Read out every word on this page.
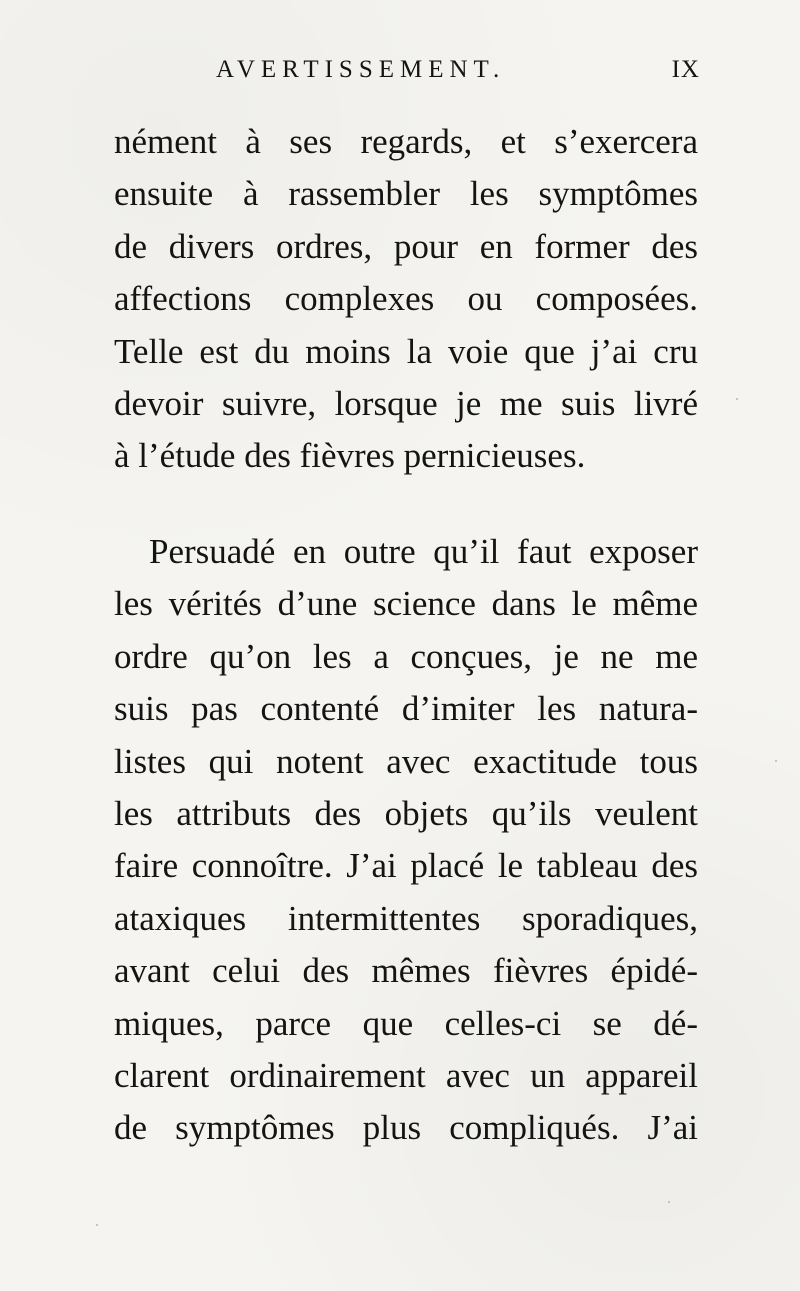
AVERTISSEMENT.	IX
nément à ses regards, et s’exercera
ensuite à rassembler les symptômes
de divers ordres, pour en former des
affections complexes ou composées.
Telle est du moins la voie que j’ai cru
devoir suivre, lorsque je me suis livré
à l’étude des fièvres pernicieuses.
Persuadé en outre qu’il faut exposer
les vérités d’une science dans le même
ordre qu’on les a conçues, je ne me
suis pas contenté d’imiter les natura-
listes qui notent avec exactitude tous
les attributs des objets qu’ils veulent
faire connoître. J’ai placé le tableau des
ataxiques intermittentes sporadiques,
avant celui des mêmes fièvres épidé-
miques, parce que celles-ci se dé-
clarent ordinairement avec un appareil
de symptômes plus compliqués. J’ai
